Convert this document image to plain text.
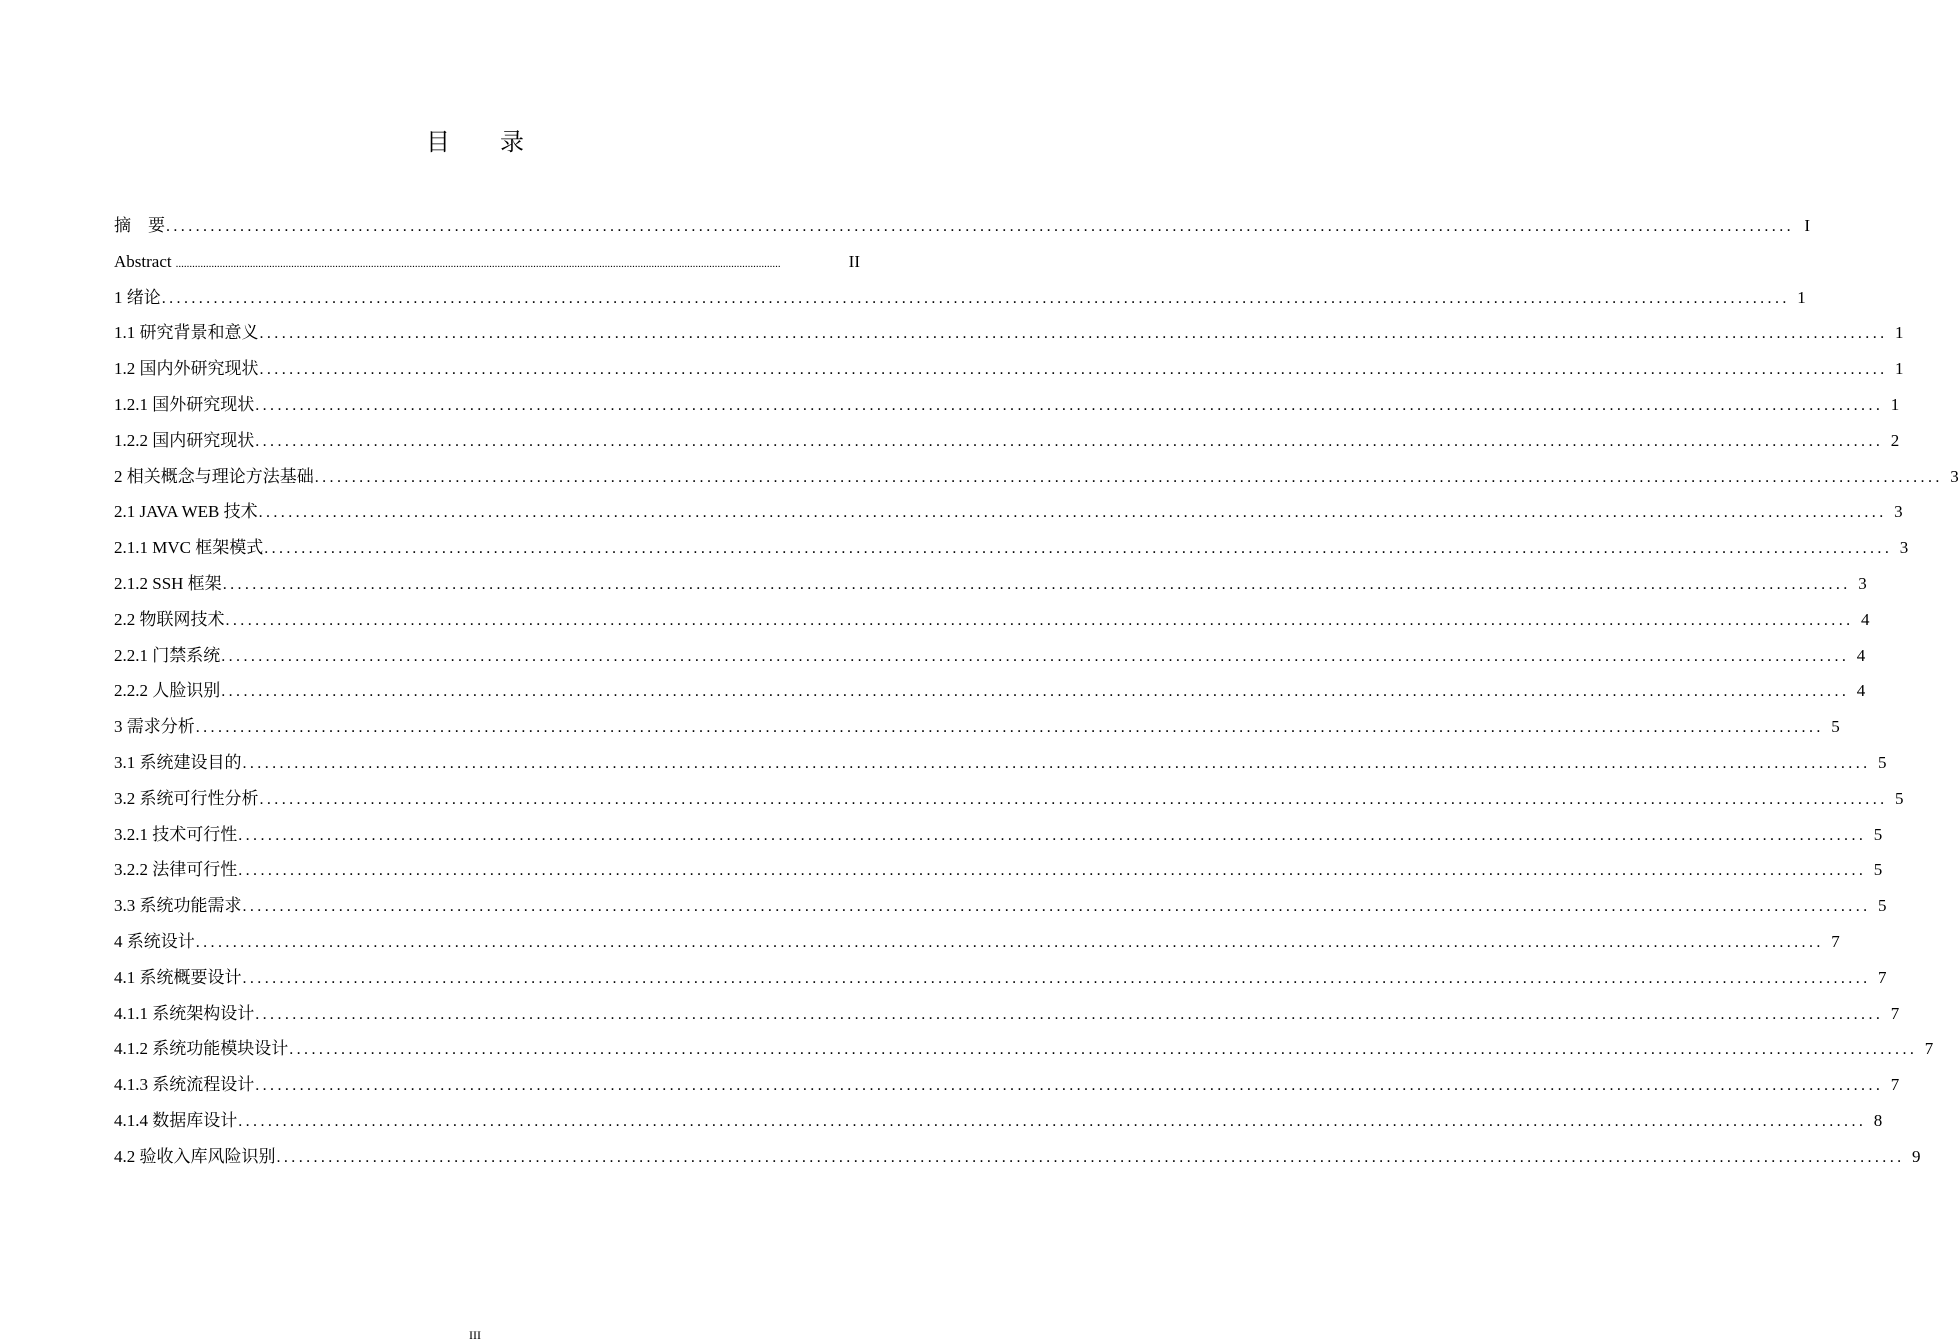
目 录
摘　要 ............................................................................................................................................................................................................................ I
Abstract ............................................................................................................................................................................................................................	II
1 绪论 ............................................................................................................................................................................................................................ 1
1.1 研究背景和意义 ............................................................................................................................................................................................................................ 1
1.2 国内外研究现状 ............................................................................................................................................................................................................................ 1
1.2.1 国外研究现状 ............................................................................................................................................................................................................................ 1
1.2.2 国内研究现状 ............................................................................................................................................................................................................................ 2
2 相关概念与理论方法基础 ............................................................................................................................................................................................................................ 3
2.1 JAVA WEB 技术 ............................................................................................................................................................................................................................ 3
2.1.1 MVC 框架模式 ............................................................................................................................................................................................................................ 3
2.1.2 SSH 框架 ............................................................................................................................................................................................................................ 3
2.2 物联网技术 ............................................................................................................................................................................................................................ 4
2.2.1 门禁系统 ............................................................................................................................................................................................................................ 4
2.2.2 人脸识别 ............................................................................................................................................................................................................................ 4
3 需求分析 ............................................................................................................................................................................................................................ 5
3.1 系统建设目的 ............................................................................................................................................................................................................................ 5
3.2 系统可行性分析 ............................................................................................................................................................................................................................ 5
3.2.1 技术可行性 ............................................................................................................................................................................................................................ 5
3.2.2 法律可行性 ............................................................................................................................................................................................................................ 5
3.3 系统功能需求 ............................................................................................................................................................................................................................ 5
4 系统设计 ............................................................................................................................................................................................................................ 7
4.1 系统概要设计 ............................................................................................................................................................................................................................ 7
4.1.1 系统架构设计 ............................................................................................................................................................................................................................ 7
4.1.2 系统功能模块设计 ............................................................................................................................................................................................................................ 7
4.1.3 系统流程设计 ............................................................................................................................................................................................................................ 7
4.1.4 数据库设计 ............................................................................................................................................................................................................................ 8
4.2 验收入库风险识别 ............................................................................................................................................................................................................................ 9
III
